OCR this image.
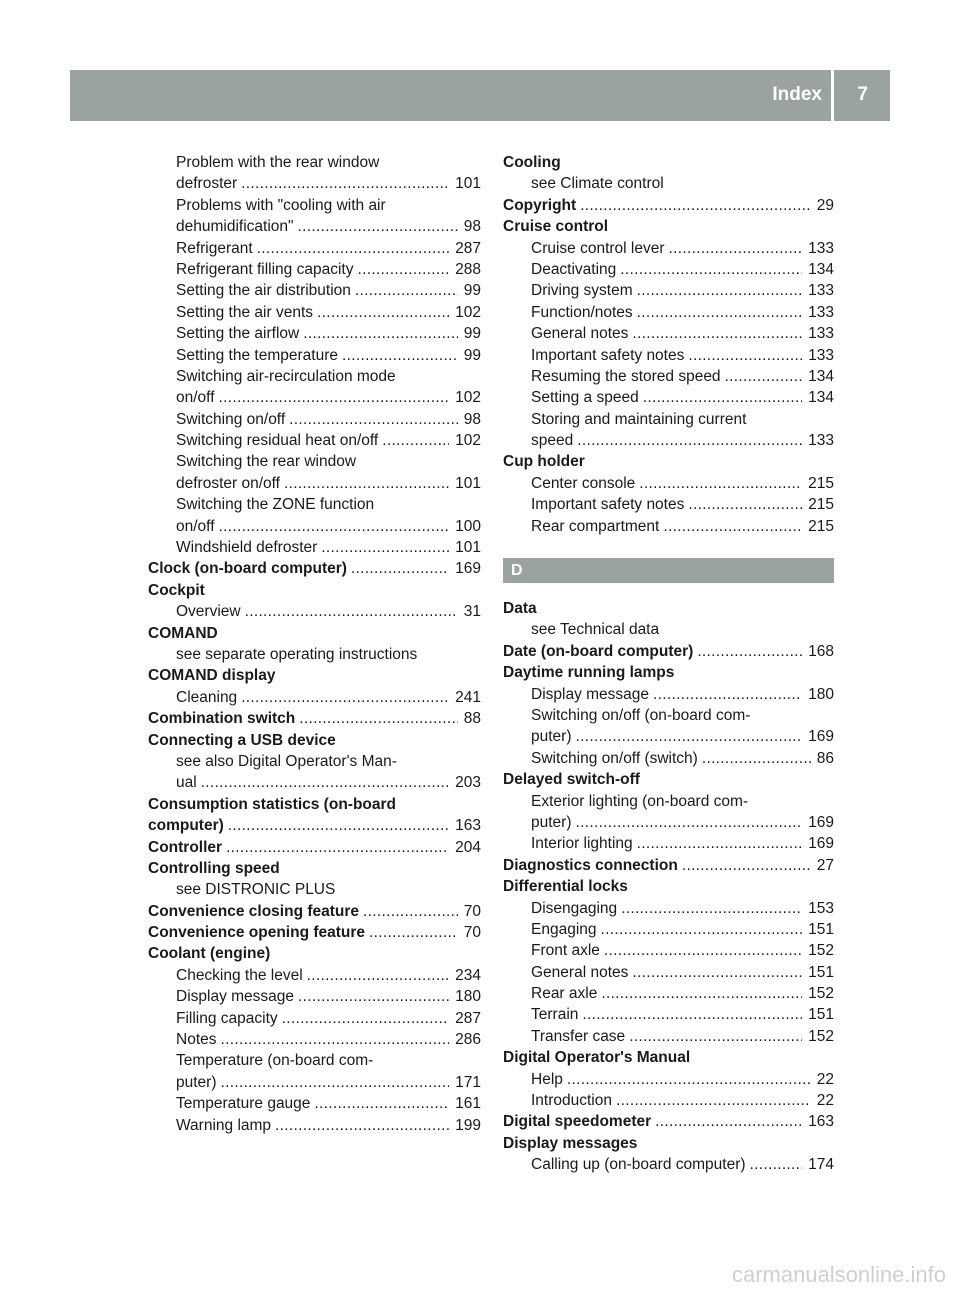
Index 7
Problem with the rear window
defroster . . .	101
Problems with "cooling with air
dehumidification" . . .	98
Refrigerant . . .	287
Refrigerant filling capacity . . .	288
Setting the air distribution . . .	99
Setting the air vents . . .	102
Setting the airflow . . .	99
Setting the temperature . . .	99
Switching air-recirculation mode
on/off . . .	102
Switching on/off . . .	98
Switching residual heat on/off . . .	102
Switching the rear window
defroster on/off . . .	101
Switching the ZONE function
on/off . . .	100
Windshield defroster . . .	101
Clock (on-board computer) . . .	169
Cockpit
Overview . . .	31
COMAND
see separate operating instructions
COMAND display
Cleaning . . .	241
Combination switch . . .	88
Connecting a USB device
see also Digital Operator's Man-
ual . . .	203
Consumption statistics (on-board
computer) . . .	163
Controller . . .	204
Controlling speed
see DISTRONIC PLUS
Convenience closing feature . . .	70
Convenience opening feature . . .	70
Coolant (engine)
Checking the level . . .	234
Display message . . .	180
Filling capacity . . .	287
Notes . . .	286
Temperature (on-board com-
puter) . . .	171
Temperature gauge . . .	161
Warning lamp . . .	199
Cooling
see Climate control
Copyright . . .	29
Cruise control
Cruise control lever . . .	133
Deactivating . . .	134
Driving system . . .	133
Function/notes . . .	133
General notes . . .	133
Important safety notes . . .	133
Resuming the stored speed . . .	134
Setting a speed . . .	134
Storing and maintaining current
speed . . .	133
Cup holder
Center console . . .	215
Important safety notes . . .	215
Rear compartment . . .	215
D
Data
see Technical data
Date (on-board computer) . . .	168
Daytime running lamps
Display message . . .	180
Switching on/off (on-board com-
puter) . . .	169
Switching on/off (switch) . . .	86
Delayed switch-off
Exterior lighting (on-board com-
puter) . . .	169
Interior lighting . . .	169
Diagnostics connection . . .	27
Differential locks
Disengaging . . .	153
Engaging . . .	151
Front axle . . .	152
General notes . . .	151
Rear axle . . .	152
Terrain . . .	151
Transfer case . . .	152
Digital Operator's Manual
Help . . .	22
Introduction . . .	22
Digital speedometer . . .	163
Display messages
Calling up (on-board computer) . . .	174
carmanualsonline.info
